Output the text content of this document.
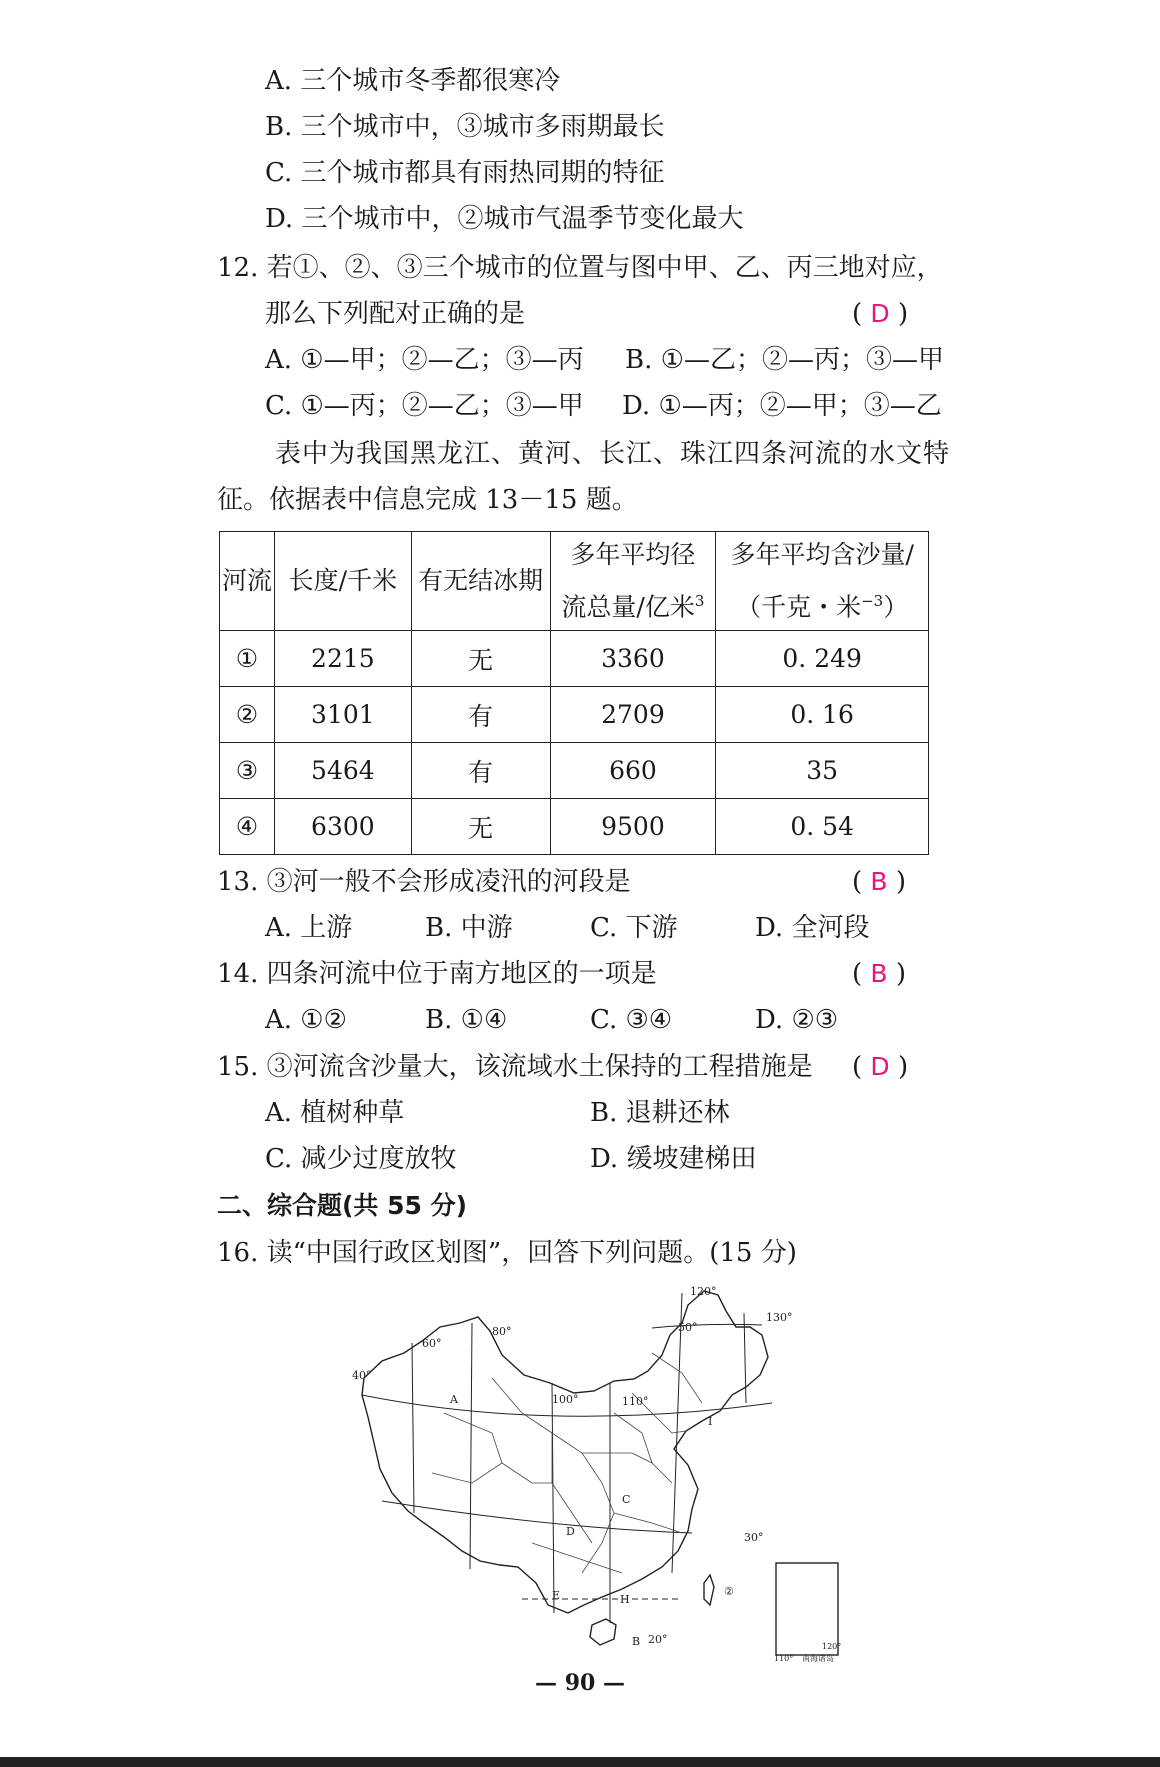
A. 三个城市冬季都很寒冷
B. 三个城市中，③城市多雨期最长
C. 三个城市都具有雨热同期的特征
D. 三个城市中，②城市气温季节变化最大
12. 若①、②、③三个城市的位置与图中甲、乙、丙三地对应，
那么下列配对正确的是	( D )
A. ①—甲；②—乙；③—丙 B. ①—乙；②—丙；③—甲
C. ①—丙；②—乙；③—甲 D. ①—丙；②—甲；③—乙
表中为我国黑龙江、黄河、长江、珠江四条河流的水文特
征。依据表中信息完成 13－15 题。
河流	长度/千米	有无结冰期	多年平均径
流总量/亿米$^3$	多年平均含沙量/
（千克・米$^{-3}$）
①	2215	无	3360	0. 249
②	3101	有	2709	0. 16
③	5464	有	660	35
④	6300	无	9500	0. 54
13. ③河一般不会形成凌汛的河段是	( B )
A. 上游	B. 中游	C. 下游	D. 全河段
14. 四条河流中位于南方地区的一项是	( B )
A. ①②	B. ①④	C. ③④	D. ②③
15. ③河流含沙量大，该流域水土保持的工程措施是 ( D )
A. 植树种草	B. 退耕还林
C. 减少过度放牧	D. 缓坡建梯田
二、综合题(共 55 分)
16. 读“中国行政区划图”，回答下列问题。(15 分)
120°
130°
50°
80°
60°
40°
100°	110°
30°
20°
110°
120°
A
C
D
E	H
I
B
②
南海诸岛
— 90 —
